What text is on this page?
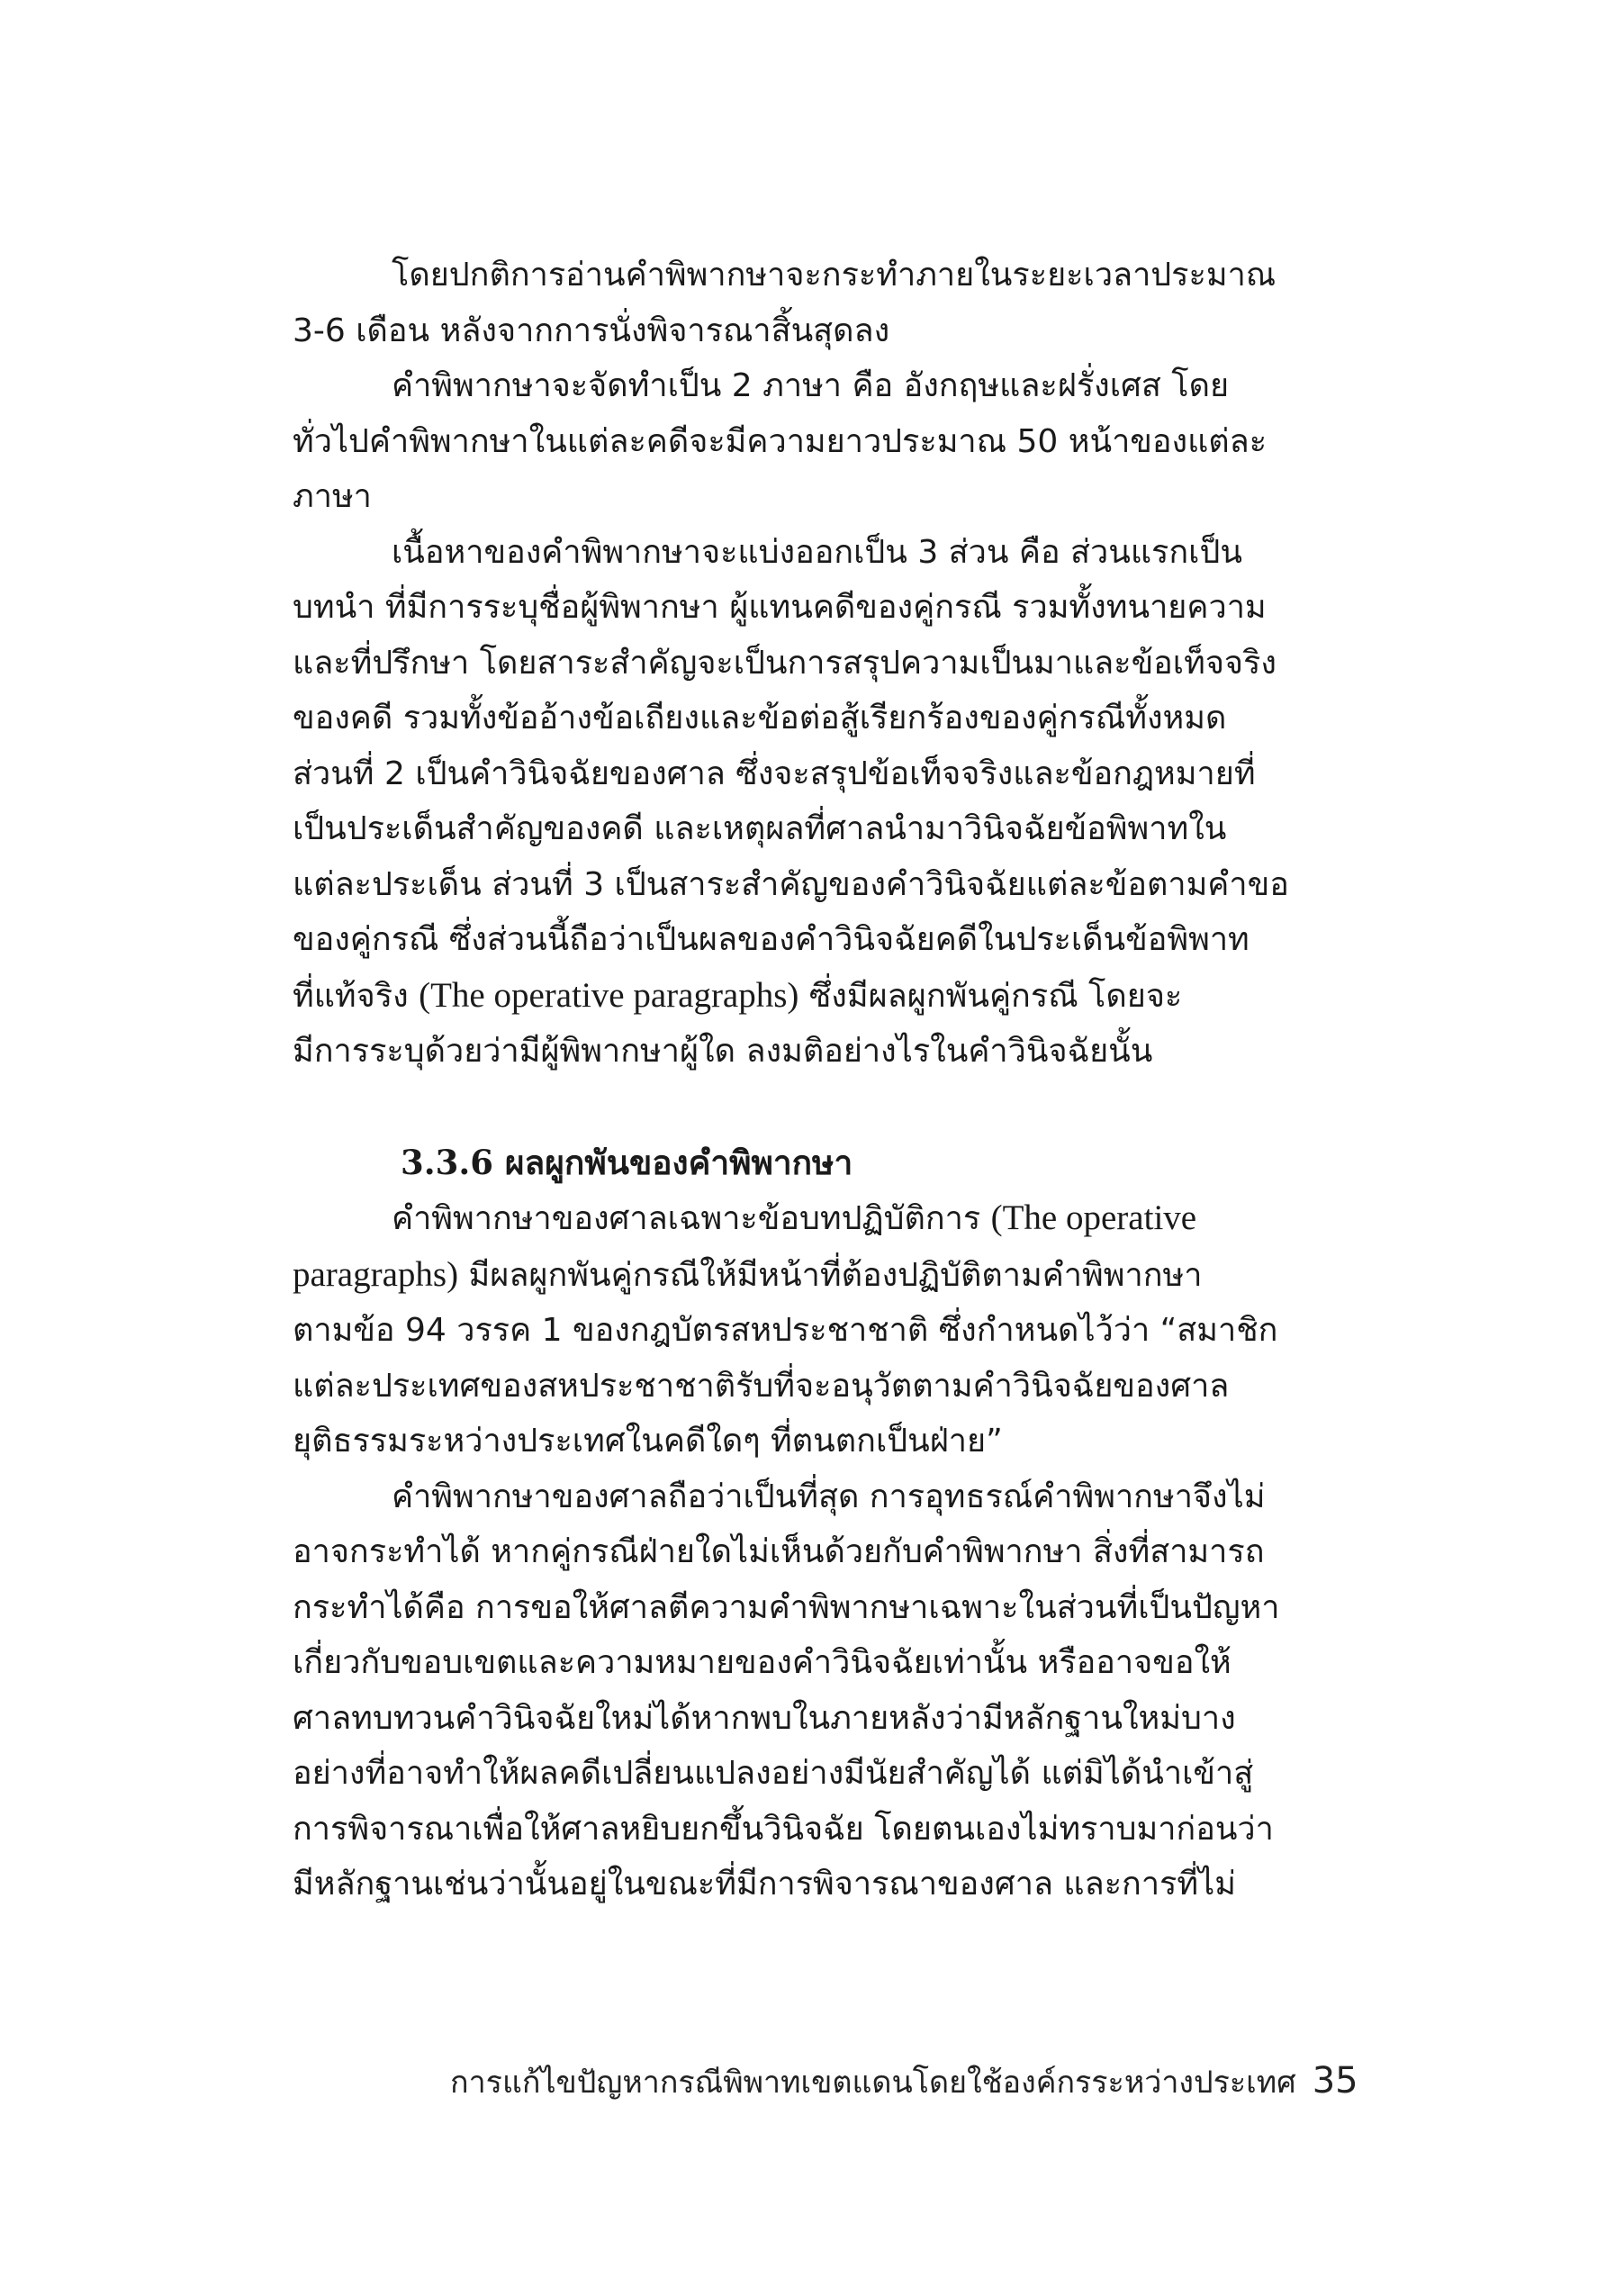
โดยปกติการอ่านคำพิพากษาจะกระทำภายในระยะเวลาประมาณ
3-6 เดือน หลังจากการนั่งพิจารณาสิ้นสุดลง

คำพิพากษาจะจัดทำเป็น 2 ภาษา คือ อังกฤษและฝรั่งเศส โดย
ทั่วไปคำพิพากษาในแต่ละคดีจะมีความยาวประมาณ 50 หน้าของแต่ละ
ภาษา

เนื้อหาของคำพิพากษาจะแบ่งออกเป็น 3 ส่วน คือ ส่วนแรกเป็น
บทนำ ที่มีการระบุชื่อผู้พิพากษา ผู้แทนคดีของคู่กรณี รวมทั้งทนายความ
และที่ปรึกษา โดยสาระสำคัญจะเป็นการสรุปความเป็นมาและข้อเท็จจริง
ของคดี รวมทั้งข้ออ้างข้อเถียงและข้อต่อสู้เรียกร้องของคู่กรณีทั้งหมด
ส่วนที่ 2 เป็นคำวินิจฉัยของศาล ซึ่งจะสรุปข้อเท็จจริงและข้อกฎหมายที่
เป็นประเด็นสำคัญของคดี และเหตุผลที่ศาลนำมาวินิจฉัยข้อพิพาทใน
แต่ละประเด็น ส่วนที่ 3 เป็นสาระสำคัญของคำวินิจฉัยแต่ละข้อตามคำขอ
ของคู่กรณี ซึ่งส่วนนี้ถือว่าเป็นผลของคำวินิจฉัยคดีในประเด็นข้อพิพาท
ที่แท้จริง (The operative paragraphs) ซึ่งมีผลผูกพันคู่กรณี โดยจะ
มีการระบุด้วยว่ามีผู้พิพากษาผู้ใด ลงมติอย่างไรในคำวินิจฉัยนั้น

3.3.6 ผลผูกพันของคำพิพากษา

คำพิพากษาของศาลเฉพาะข้อบทปฏิบัติการ (The operative
paragraphs) มีผลผูกพันคู่กรณีให้มีหน้าที่ต้องปฏิบัติตามคำพิพากษา
ตามข้อ 94 วรรค 1 ของกฎบัตรสหประชาชาติ ซึ่งกำหนดไว้ว่า “สมาชิก
แต่ละประเทศของสหประชาชาติรับที่จะอนุวัตตามคำวินิจฉัยของศาล
ยุติธรรมระหว่างประเทศในคดีใดๆ ที่ตนตกเป็นฝ่าย”

คำพิพากษาของศาลถือว่าเป็นที่สุด การอุทธรณ์คำพิพากษาจึงไม่
อาจกระทำได้ หากคู่กรณีฝ่ายใดไม่เห็นด้วยกับคำพิพากษา สิ่งที่สามารถ
กระทำได้คือ การขอให้ศาลตีความคำพิพากษาเฉพาะในส่วนที่เป็นปัญหา
เกี่ยวกับขอบเขตและความหมายของคำวินิจฉัยเท่านั้น หรืออาจขอให้
ศาลทบทวนคำวินิจฉัยใหม่ได้หากพบในภายหลังว่ามีหลักฐานใหม่บาง
อย่างที่อาจทำให้ผลคดีเปลี่ยนแปลงอย่างมีนัยสำคัญได้ แต่มิได้นำเข้าสู่
การพิจารณาเพื่อให้ศาลหยิบยกขึ้นวินิจฉัย โดยตนเองไม่ทราบมาก่อนว่า
มีหลักฐานเช่นว่านั้นอยู่ในขณะที่มีการพิจารณาของศาล และการที่ไม่

การแก้ไขปัญหากรณีพิพาทเขตแดนโดยใช้องค์กรระหว่างประเทศ 35
